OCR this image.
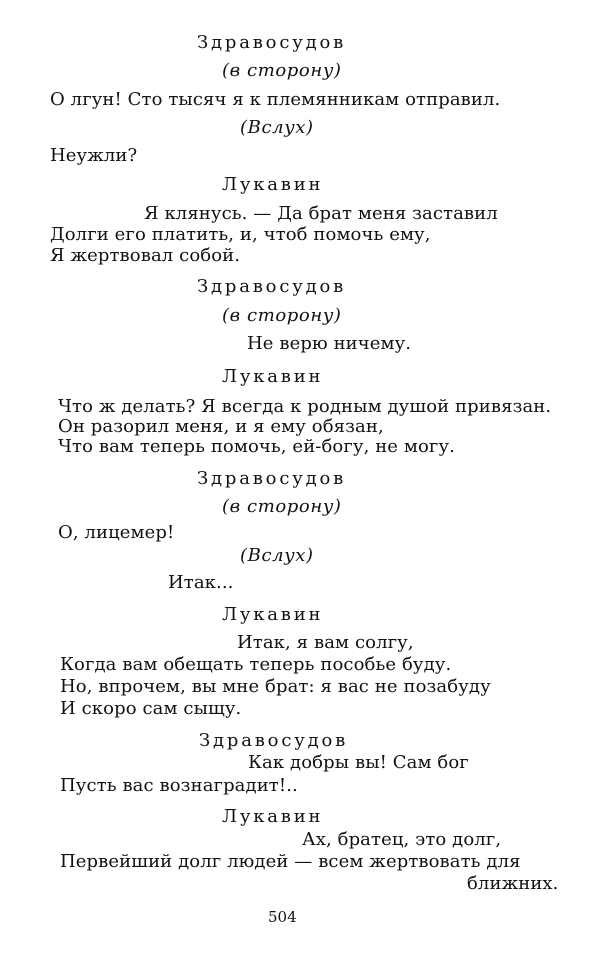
Здравосудов
(в сторону)
О лгун! Сто тысяч я к племянникам отправил.
(Вслух)
Неужли?
Лукавин
Я клянусь. — Да брат меня заставил
Долги его платить, и, чтоб помочь ему,
Я жертвовал собой.
Здравосудов
(в сторону)
Не верю ничему.
Лукавин
Что ж делать? Я всегда к родным душой привязан.
Он разорил меня, и я ему обязан,
Что вам теперь помочь, ей-богу, не могу.
Здравосудов
(в сторону)
О, лицемер!
(Вслух)
Итак...
Лукавин
Итак, я вам солгу,
Когда вам обещать теперь пособье буду.
Но, впрочем, вы мне брат: я вас не позабуду
И скоро сам сыщу.
Здравосудов
Как добры вы! Сам бог
Пусть вас вознаградит!..
Лукавин
Ах, братец, это долг,
Первейший долг людей — всем жертвовать для
ближних.
504
